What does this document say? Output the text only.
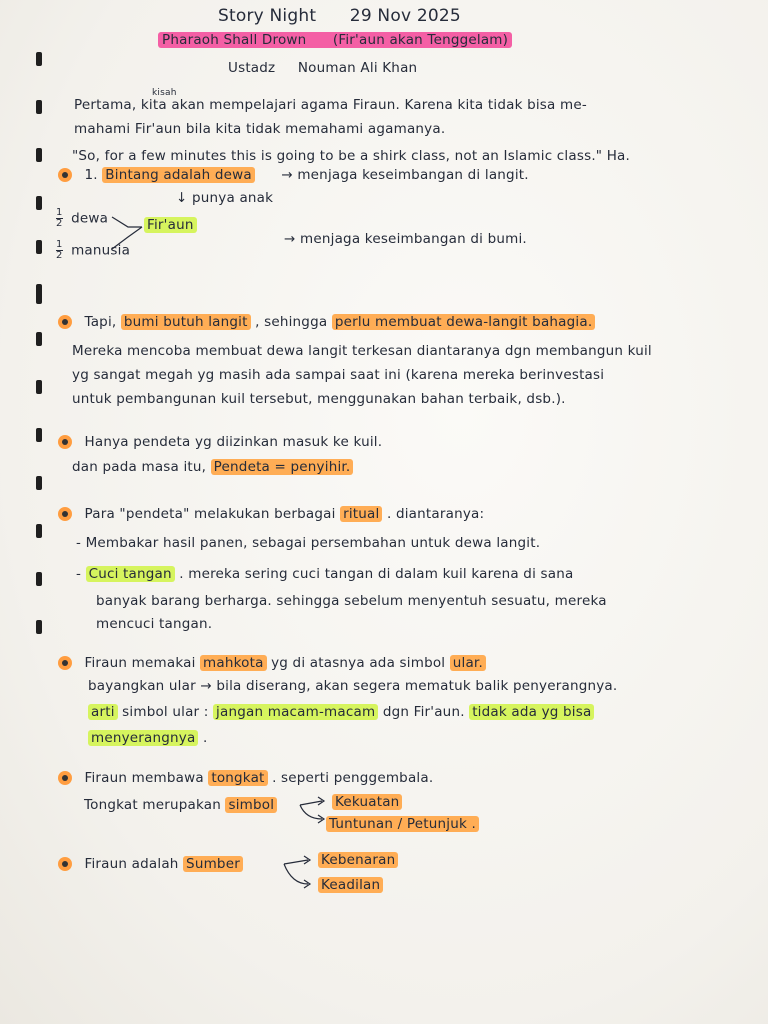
Story Night 29 Nov 2025
Pharaoh Shall Drown (Fir'aun akan Tenggelam)
Ustadz Nouman Ali Khan
kisah
Pertama, kita akan mempelajari agama Firaun. Karena kita tidak bisa me-
mahami Fir'aun bila kita tidak memahami agamanya.
"So, for a few minutes this is going to be a shirk class, not an Islamic class." Ha.
1. Bintang adalah dewa → menjaga keseimbangan di langit.
↓ punya anak
$\frac{1}{2}$ dewa
$\frac{1}{2}$ manusia
Fir'aun
→ menjaga keseimbangan di bumi.
Tapi, bumi butuh langit , sehingga perlu membuat dewa-langit bahagia.
Mereka mencoba membuat dewa langit terkesan diantaranya dgn membangun kuil
yg sangat megah yg masih ada sampai saat ini (karena mereka berinvestasi
untuk pembangunan kuil tersebut, menggunakan bahan terbaik, dsb.).
Hanya pendeta yg diizinkan masuk ke kuil.
dan pada masa itu, Pendeta = penyihir.
Para "pendeta" melakukan berbagai ritual . diantaranya:
- Membakar hasil panen, sebagai persembahan untuk dewa langit.
- Cuci tangan . mereka sering cuci tangan di dalam kuil karena di sana
banyak barang berharga. sehingga sebelum menyentuh sesuatu, mereka
mencuci tangan.
Firaun memakai mahkota yg di atasnya ada simbol ular.
bayangkan ular → bila diserang, akan segera mematuk balik penyerangnya.
arti simbol ular : jangan macam-macam dgn Fir'aun. tidak ada yg bisa
menyerangnya .
Firaun membawa tongkat . seperti penggembala.
Tongkat merupakan simbol	Kekuatan
Tuntunan / Petunjuk .
Firaun adalah Sumber	Kebenaran
Keadilan
